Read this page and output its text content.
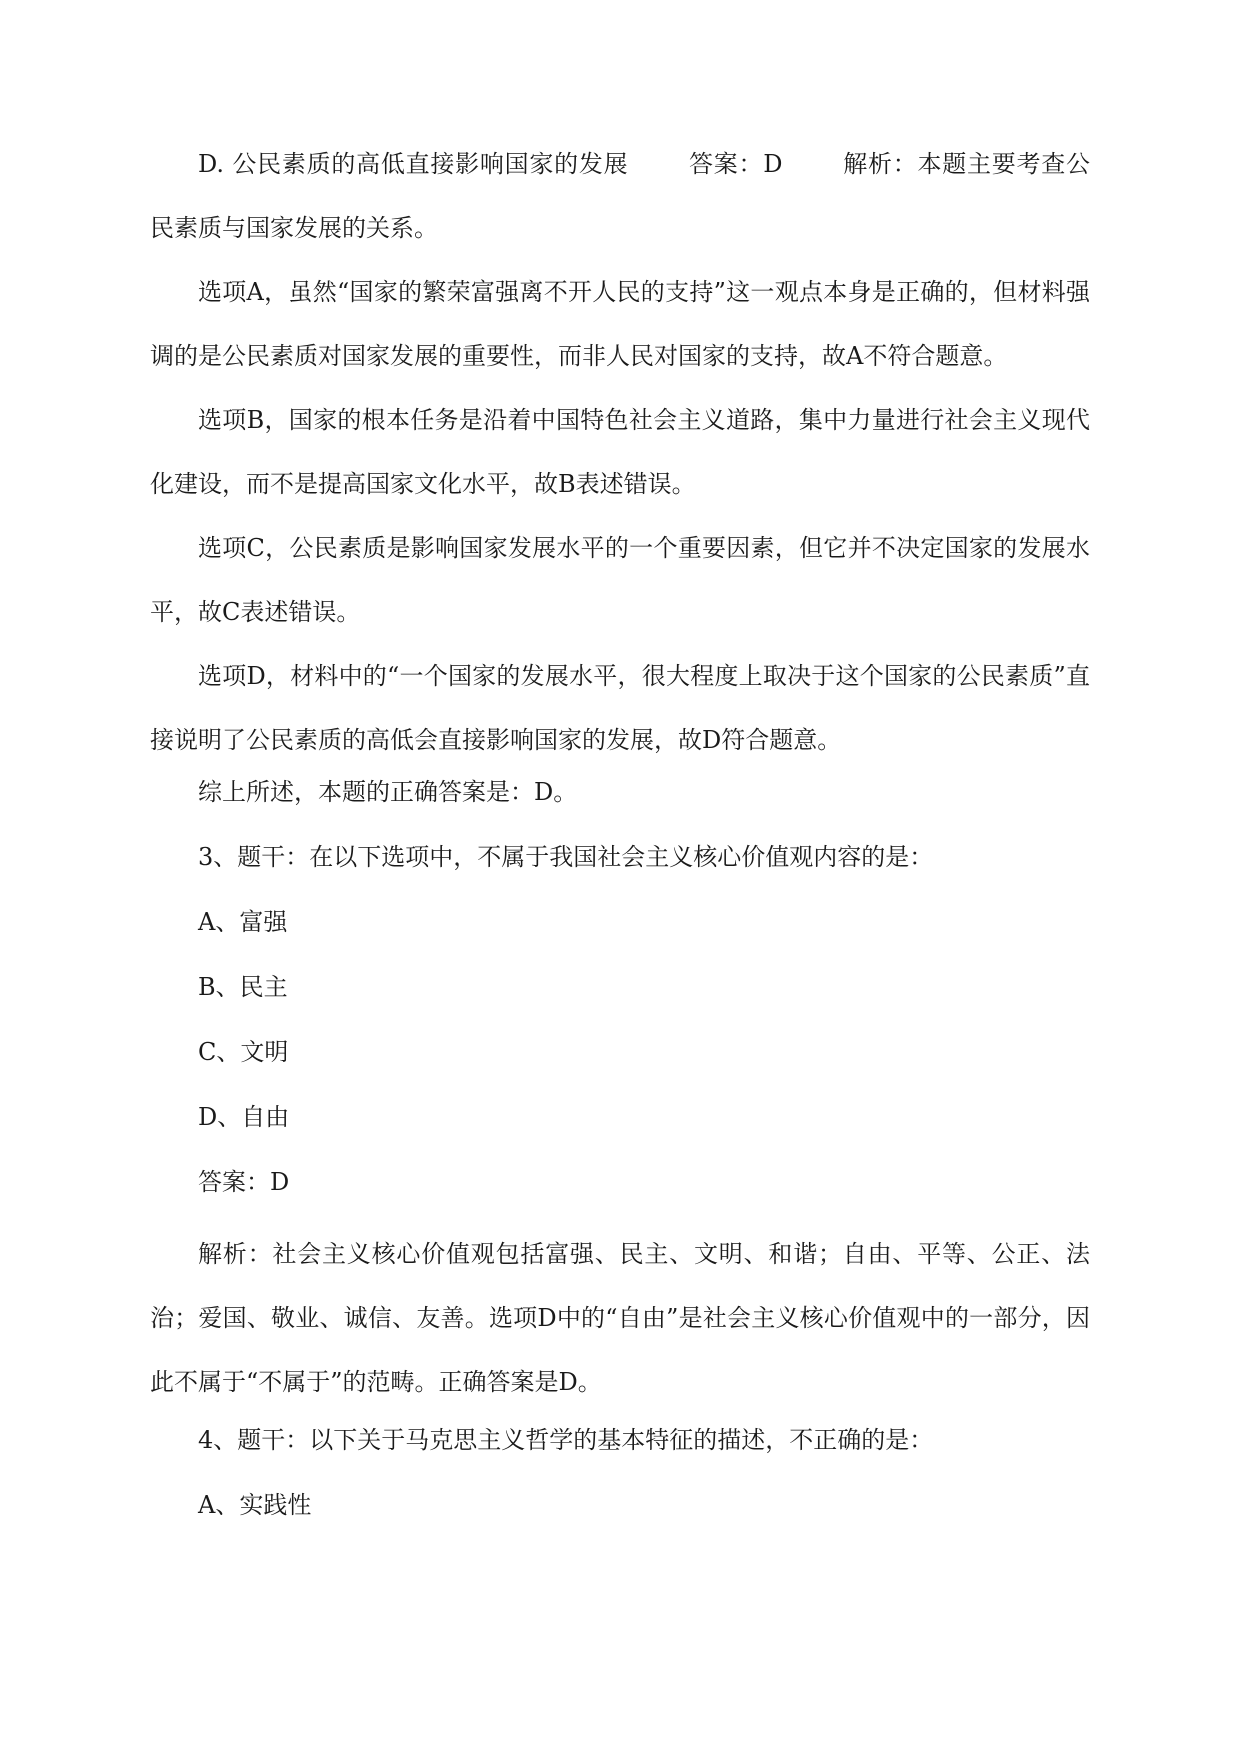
D. 公民素质的高低直接影响国家的发展	答案：D	解析：本题主要考查公民素质与国家发展的关系。

选项A，虽然“国家的繁荣富强离不开人民的支持”这一观点本身是正确的，但材料强调的是公民素质对国家发展的重要性，而非人民对国家的支持，故A不符合题意。

选项B，国家的根本任务是沿着中国特色社会主义道路，集中力量进行社会主义现代化建设，而不是提高国家文化水平，故B表述错误。

选项C，公民素质是影响国家发展水平的一个重要因素，但它并不决定国家的发展水平，故C表述错误。

选项D，材料中的“一个国家的发展水平，很大程度上取决于这个国家的公民素质”直接说明了公民素质的高低会直接影响国家的发展，故D符合题意。

综上所述，本题的正确答案是：D。
3、题干：在以下选项中，不属于我国社会主义核心价值观内容的是：
A、富强
B、民主
C、文明
D、自由
答案：D

解析：社会主义核心价值观包括富强、民主、文明、和谐；自由、平等、公正、法治；爱国、敬业、诚信、友善。选项D中的“自由”是社会主义核心价值观中的一部分，因此不属于“不属于”的范畴。正确答案是D。

4、题干：以下关于马克思主义哲学的基本特征的描述，不正确的是：
A、实践性
